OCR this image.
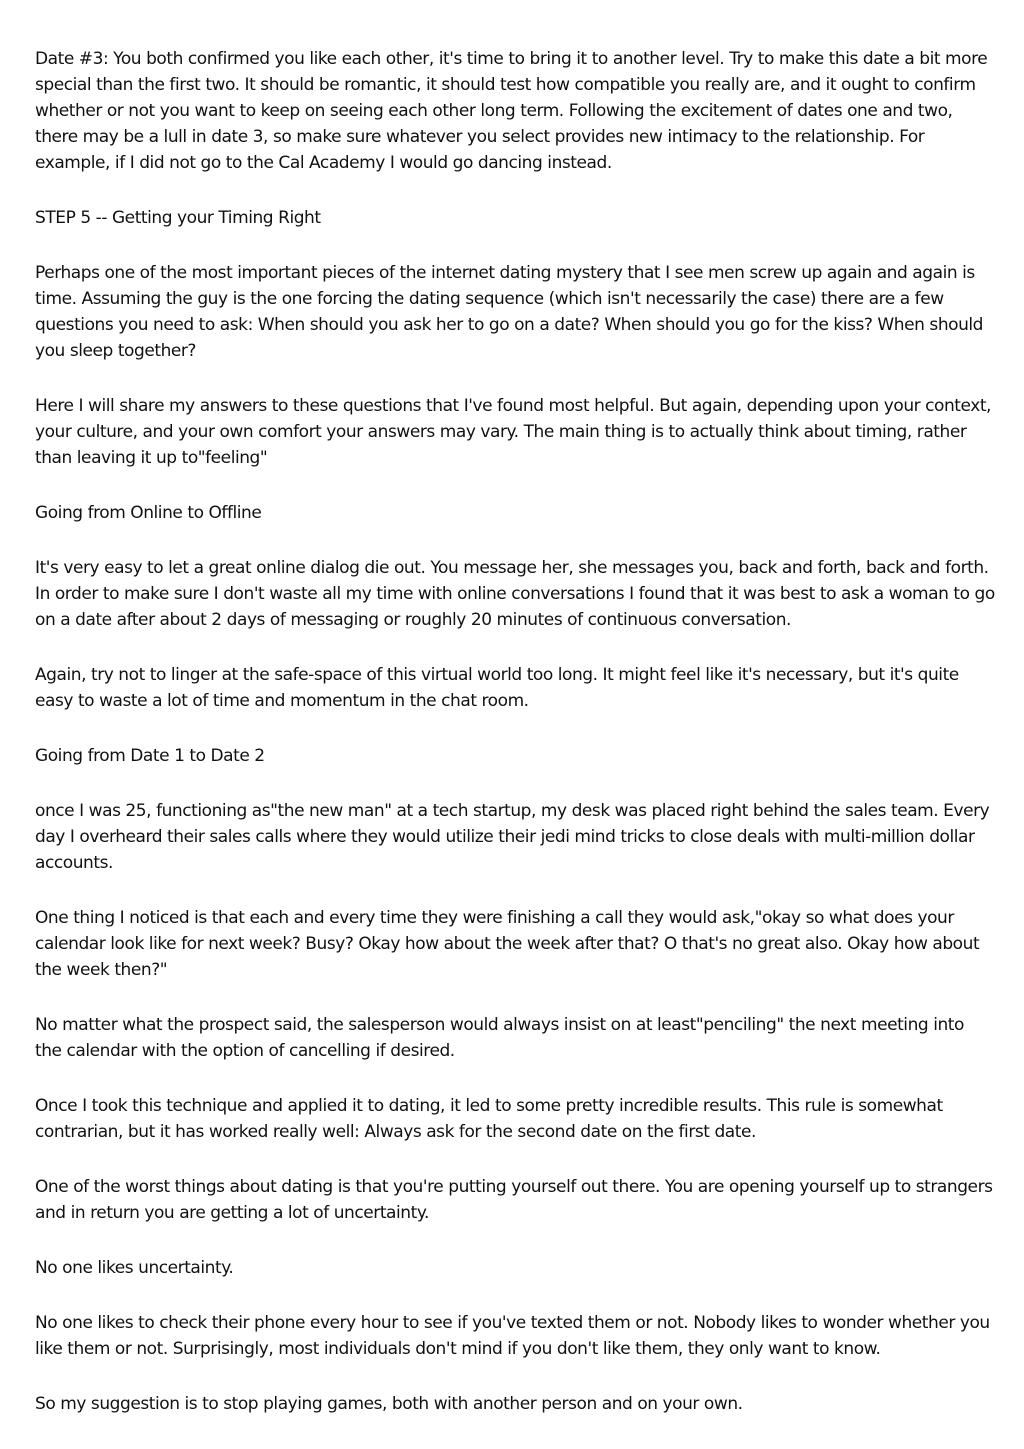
Date #3: You both confirmed you like each other, it's time to bring it to another level. Try to make this date a bit more special than the first two. It should be romantic, it should test how compatible you really are, and it ought to confirm whether or not you want to keep on seeing each other long term. Following the excitement of dates one and two, there may be a lull in date 3, so make sure whatever you select provides new intimacy to the relationship. For example, if I did not go to the Cal Academy I would go dancing instead.

STEP 5 -- Getting your Timing Right

Perhaps one of the most important pieces of the internet dating mystery that I see men screw up again and again is time. Assuming the guy is the one forcing the dating sequence (which isn't necessarily the case) there are a few questions you need to ask: When should you ask her to go on a date? When should you go for the kiss? When should you sleep together?

Here I will share my answers to these questions that I've found most helpful. But again, depending upon your context, your culture, and your own comfort your answers may vary. The main thing is to actually think about timing, rather than leaving it up to"feeling"

Going from Online to Offline

It's very easy to let a great online dialog die out. You message her, she messages you, back and forth, back and forth. In order to make sure I don't waste all my time with online conversations I found that it was best to ask a woman to go on a date after about 2 days of messaging or roughly 20 minutes of continuous conversation.

Again, try not to linger at the safe-space of this virtual world too long. It might feel like it's necessary, but it's quite easy to waste a lot of time and momentum in the chat room.

Going from Date 1 to Date 2

once I was 25, functioning as"the new man" at a tech startup, my desk was placed right behind the sales team. Every day I overheard their sales calls where they would utilize their jedi mind tricks to close deals with multi-million dollar accounts.

One thing I noticed is that each and every time they were finishing a call they would ask,"okay so what does your calendar look like for next week? Busy? Okay how about the week after that? O that's no great also. Okay how about the week then?"

No matter what the prospect said, the salesperson would always insist on at least"penciling" the next meeting into the calendar with the option of cancelling if desired.

Once I took this technique and applied it to dating, it led to some pretty incredible results. This rule is somewhat contrarian, but it has worked really well: Always ask for the second date on the first date.

One of the worst things about dating is that you're putting yourself out there. You are opening yourself up to strangers and in return you are getting a lot of uncertainty.

No one likes uncertainty.

No one likes to check their phone every hour to see if you've texted them or not. Nobody likes to wonder whether you like them or not. Surprisingly, most individuals don't mind if you don't like them, they only want to know.

So my suggestion is to stop playing games, both with another person and on your own.
